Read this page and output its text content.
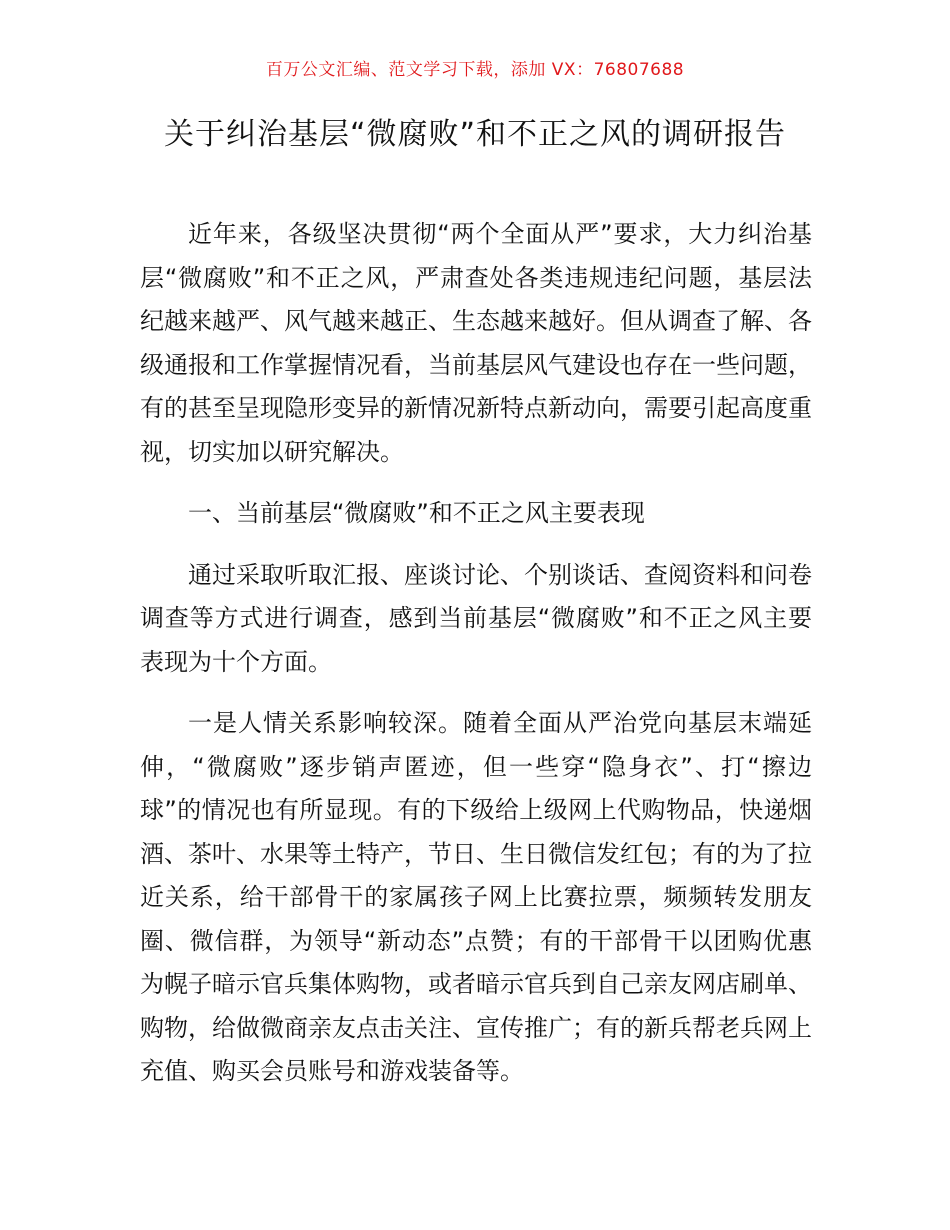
百万公文汇编、范文学习下载，添加 VX：76807688
关于纠治基层“微腐败”和不正之风的调研报告

近年来，各级坚决贯彻“两个全面从严”要求，大力纠治基层“微腐败”和不正之风，严肃查处各类违规违纪问题，基层法纪越来越严、风气越来越正、生态越来越好。但从调查了解、各级通报和工作掌握情况看，当前基层风气建设也存在一些问题，有的甚至呈现隐形变异的新情况新特点新动向，需要引起高度重视，切实加以研究解决。

一、当前基层“微腐败”和不正之风主要表现

通过采取听取汇报、座谈讨论、个别谈话、查阅资料和问卷调查等方式进行调查，感到当前基层“微腐败”和不正之风主要表现为十个方面。

一是人情关系影响较深。随着全面从严治党向基层末端延伸，“微腐败”逐步销声匿迹，但一些穿“隐身衣”、打“擦边球”的情况也有所显现。有的下级给上级网上代购物品，快递烟酒、茶叶、水果等土特产，节日、生日微信发红包；有的为了拉近关系，给干部骨干的家属孩子网上比赛拉票，频频转发朋友圈、微信群，为领导“新动态”点赞；有的干部骨干以团购优惠为幌子暗示官兵集体购物，或者暗示官兵到自己亲友网店刷单、购物，给做微商亲友点击关注、宣传推广；有的新兵帮老兵网上充值、购买会员账号和游戏装备等。
